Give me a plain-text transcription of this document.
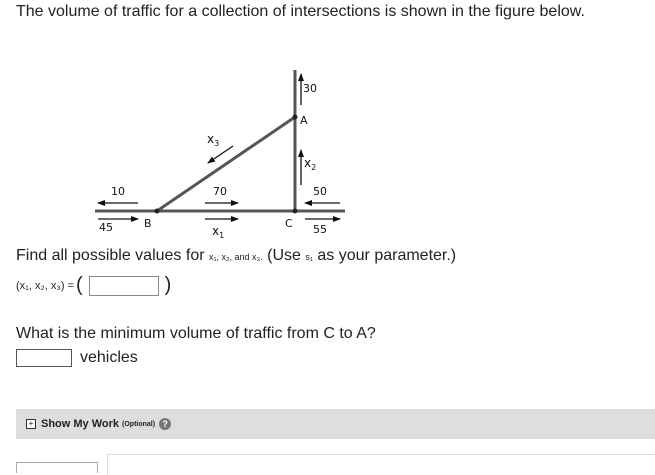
The volume of traffic for a collection of intersections is shown in the figure below.
10
45	B
70
$x_1$
C 55
50
$x_2$
A
30
$x_3$
Find all possible values for x₁, x₂, and x₃. (Use s₁ as your parameter.)
(x₁, x₂, x₃) = (	)
What is the minimum volume of traffic from C to A?
vehicles
+ Show My Work (Optional) ?
